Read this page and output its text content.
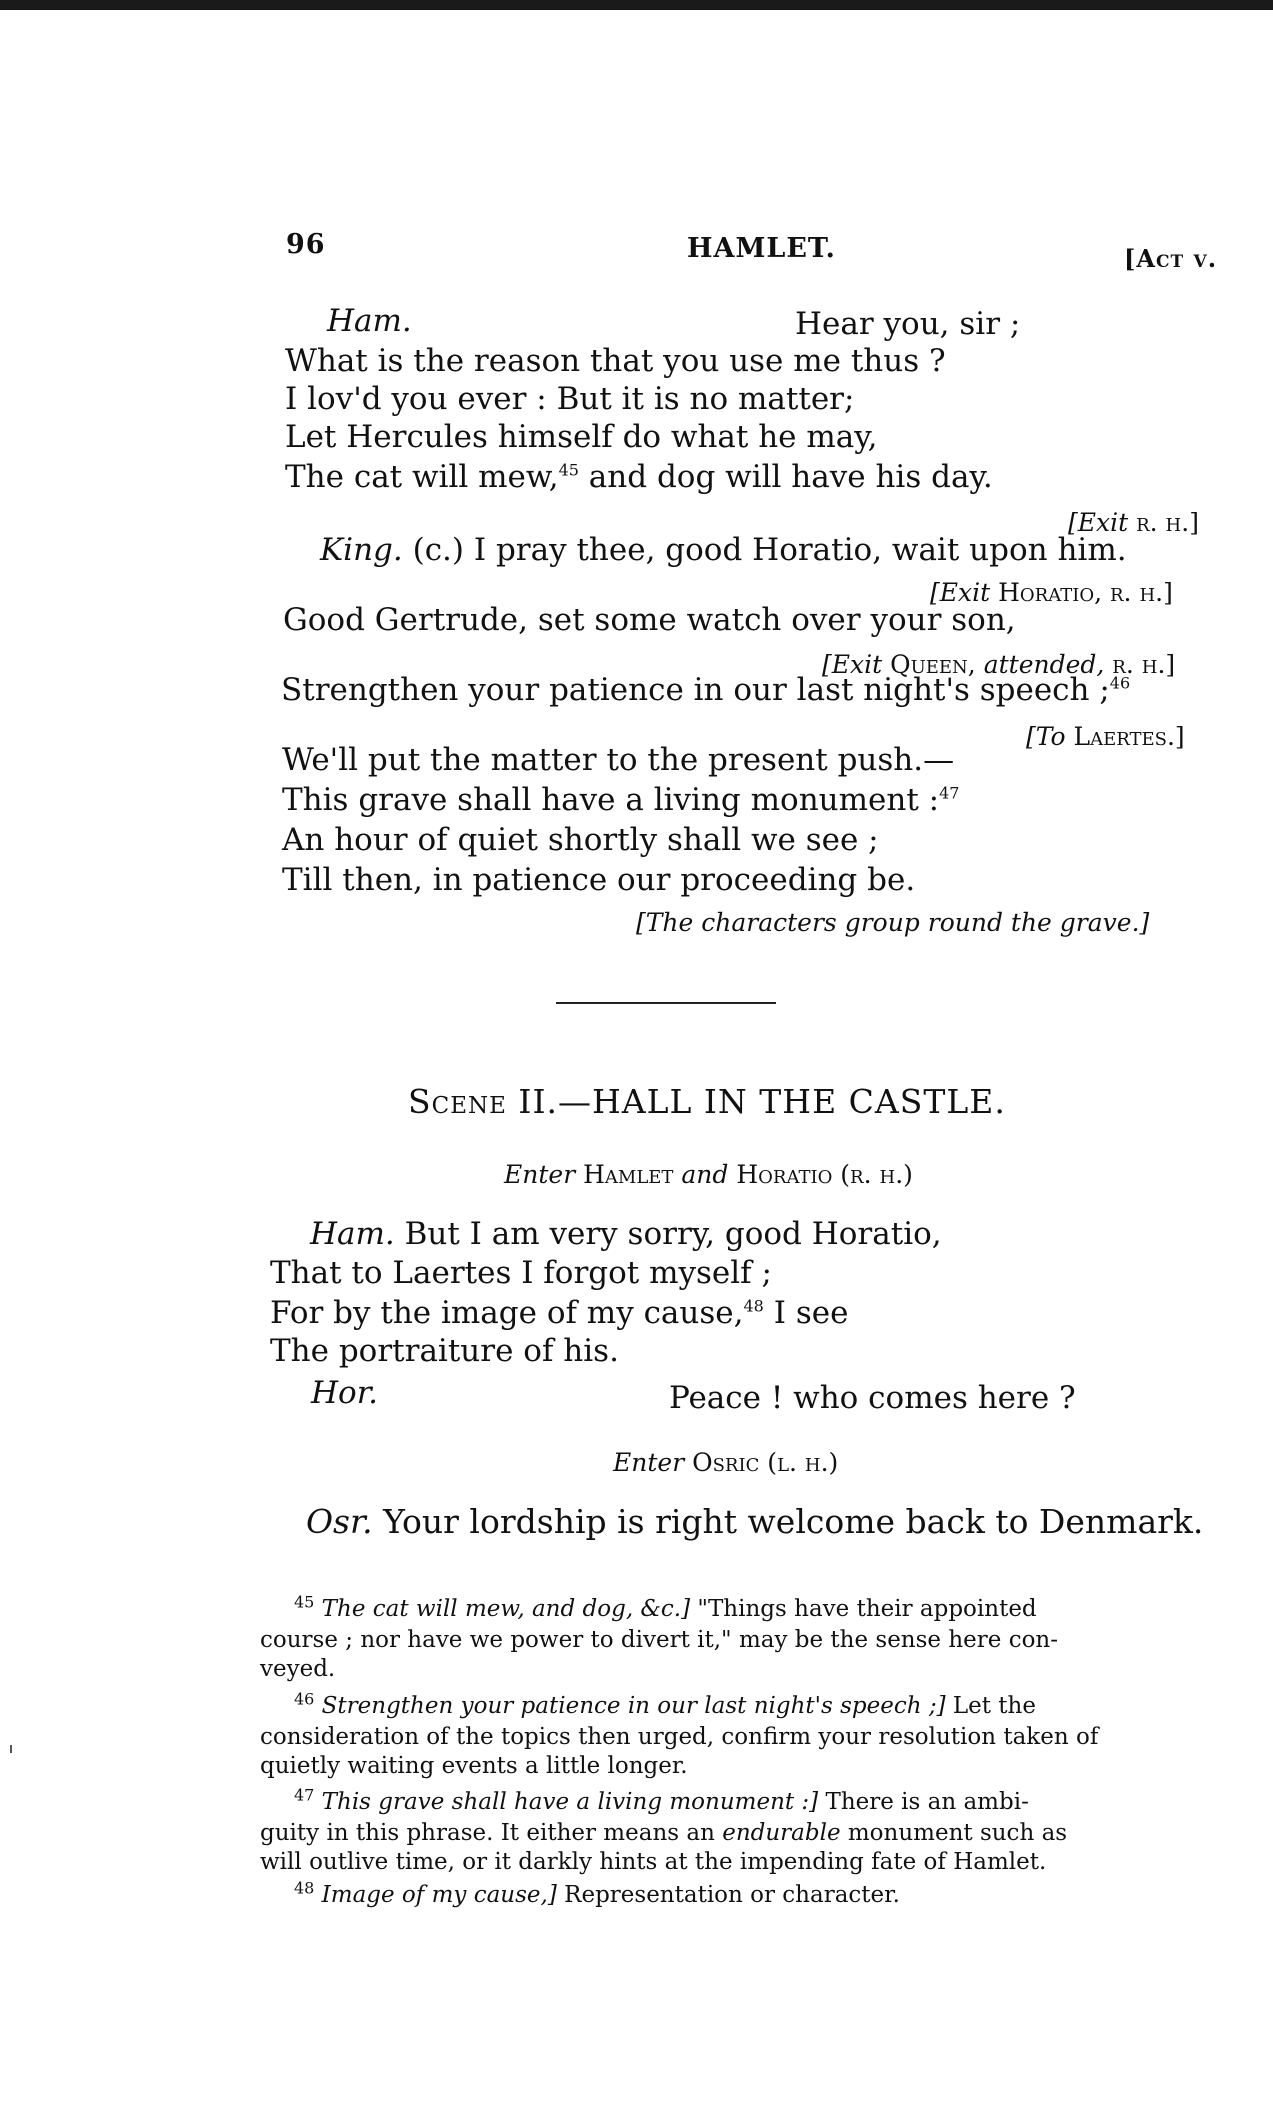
96	HAMLET.	[Act v.
Ham.	Hear you, sir ;
What is the reason that you use me thus ?
I lov'd you ever : But it is no matter;
Let Hercules himself do what he may,
The cat will mew,$^{45}$ and dog will have his day.
[Exit r. h.]
King. (c.) I pray thee, good Horatio, wait upon him.
[Exit Horatio, r. h.]
Good Gertrude, set some watch over your son,
[Exit Queen, attended, r. h.]
Strengthen your patience in our last night's speech ;$^{46}$
[To Laertes.]
We'll put the matter to the present push.—
This grave shall have a living monument :$^{47}$
An hour of quiet shortly shall we see ;
Till then, in patience our proceeding be.
[The characters group round the grave.]
Scene II.—HALL IN THE CASTLE.
Enter Hamlet and Horatio (r. h.)
Ham. But I am very sorry, good Horatio,
That to Laertes I forgot myself ;
For by the image of my cause,$^{48}$ I see
The portraiture of his.
Hor.	Peace ! who comes here ?
Enter Osric (l. h.)
Osr. Your lordship is right welcome back to Denmark.
$^{45}$ The cat will mew, and dog, &c.] "Things have their appointed
course ; nor have we power to divert it," may be the sense here con-
veyed.
$^{46}$ Strengthen your patience in our last night's speech ;] Let the
consideration of the topics then urged, confirm your resolution taken of
quietly waiting events a little longer.
$^{47}$ This grave shall have a living monument :] There is an ambi-
guity in this phrase. It either means an endurable monument such as
will outlive time, or it darkly hints at the impending fate of Hamlet.
$^{48}$ Image of my cause,] Representation or character.
